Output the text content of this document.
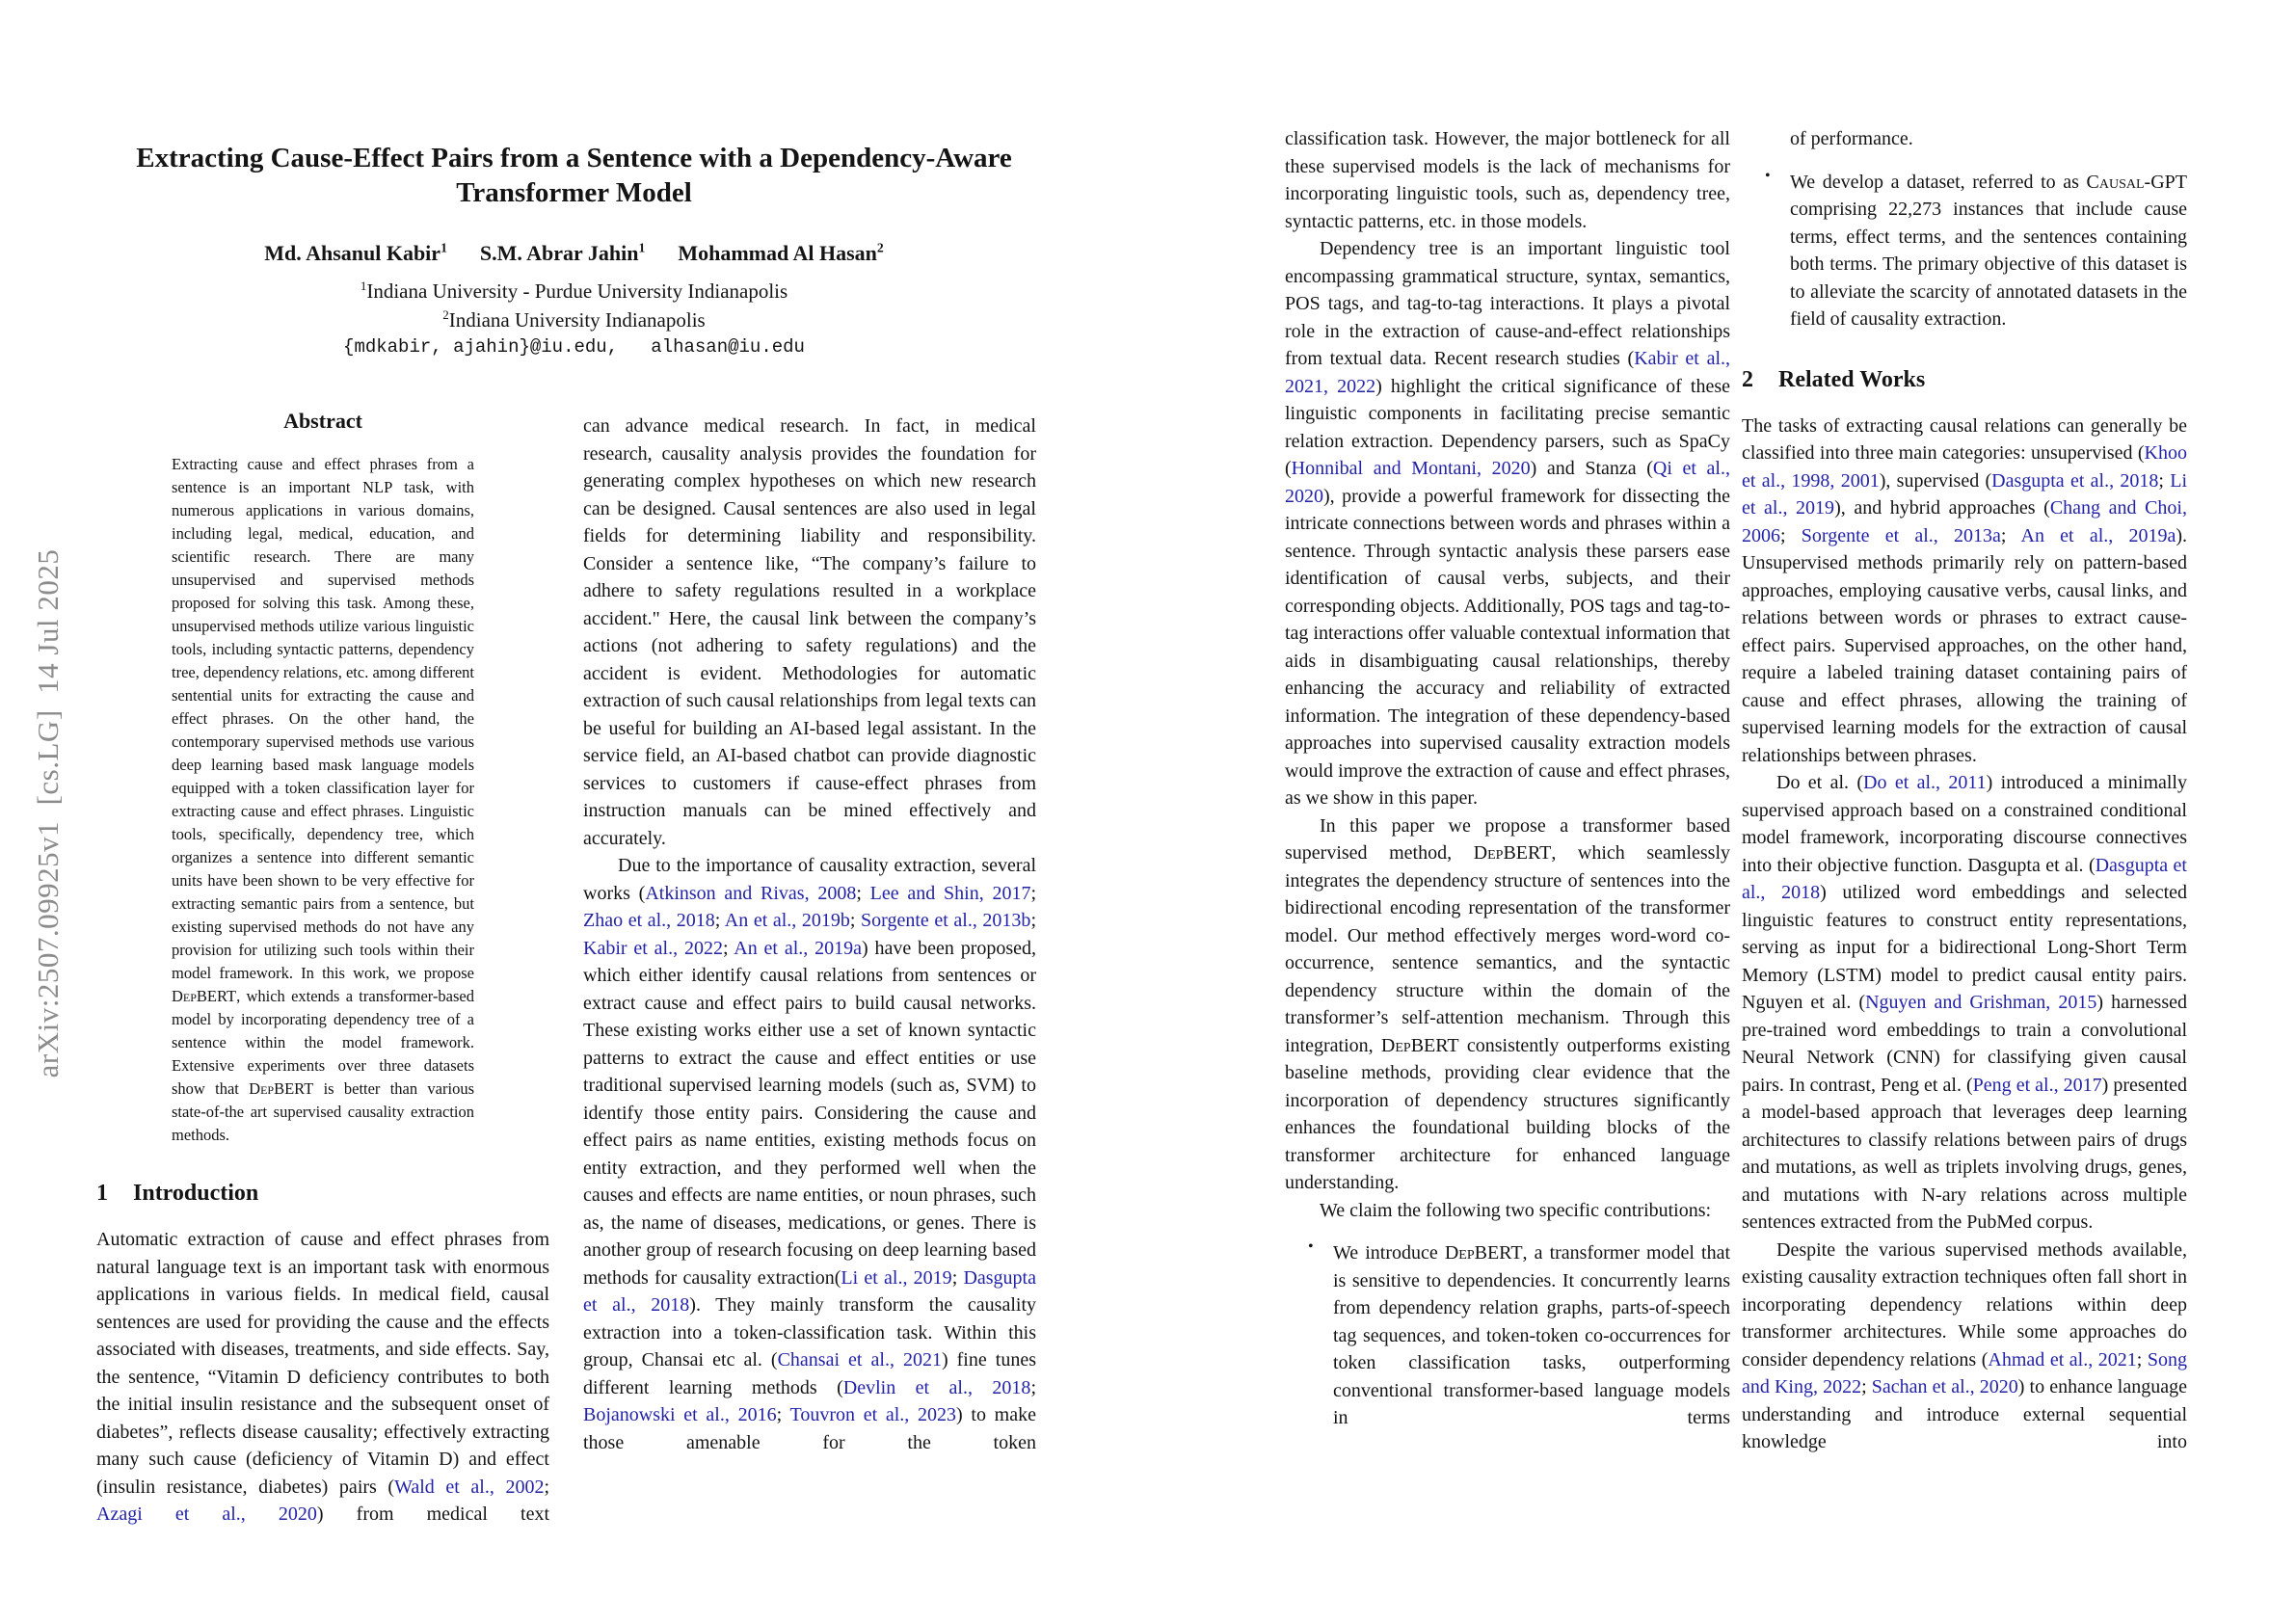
arXiv:2507.09925v1  [cs.LG]  14 Jul 2025
Extracting Cause-Effect Pairs from a Sentence with a Dependency-Aware
Transformer Model
Md. Ahsanul Kabir$^1$ S.M. Abrar Jahin$^1$ Mohammad Al Hasan$^2$
$^1$Indiana University - Purdue University Indianapolis
$^2$Indiana University Indianapolis
{mdkabir, ajahin}@iu.edu,   alhasan@iu.edu
Abstract

Extracting cause and effect phrases from a sentence is an important NLP task, with numerous applications in various domains, including legal, medical, education, and scientific research. There are many unsupervised and supervised methods proposed for solving this task. Among these, unsupervised methods utilize various linguistic tools, including syntactic patterns, dependency tree, dependency relations, etc. among different sentential units for extracting the cause and effect phrases. On the other hand, the contemporary supervised methods use various deep learning based mask language models equipped with a token classification layer for extracting cause and effect phrases. Linguistic tools, specifically, dependency tree, which organizes a sentence into different semantic units have been shown to be very effective for extracting semantic pairs from a sentence, but existing supervised methods do not have any provision for utilizing such tools within their model framework. In this work, we propose DepBERT, which extends a transformer-based model by incorporating dependency tree of a sentence within the model framework. Extensive experiments over three datasets show that DepBERT is better than various state-of-the art supervised causality extraction methods.

1 Introduction

Automatic extraction of cause and effect phrases from natural language text is an important task with enormous applications in various fields. In medical field, causal sentences are used for providing the cause and the effects associated with diseases, treatments, and side effects. Say, the sentence, “Vitamin D deficiency contributes to both the initial insulin resistance and the subsequent onset of diabetes”, reflects disease causality; effectively extracting many such cause (deficiency of Vitamin D) and effect (insulin resistance, diabetes) pairs (Wald et al., 2002; Azagi et al., 2020) from medical text

can advance medical research. In fact, in medical research, causality analysis provides the foundation for generating complex hypotheses on which new research can be designed. Causal sentences are also used in legal fields for determining liability and responsibility. Consider a sentence like, “The company’s failure to adhere to safety regulations resulted in a workplace accident." Here, the causal link between the company’s actions (not adhering to safety regulations) and the accident is evident. Methodologies for automatic extraction of such causal relationships from legal texts can be useful for building an AI-based legal assistant. In the service field, an AI-based chatbot can provide diagnostic services to customers if cause-effect phrases from instruction manuals can be mined effectively and accurately.

Due to the importance of causality extraction, several works (Atkinson and Rivas, 2008; Lee and Shin, 2017; Zhao et al., 2018; An et al., 2019b; Sorgente et al., 2013b; Kabir et al., 2022; An et al., 2019a) have been proposed, which either identify causal relations from sentences or extract cause and effect pairs to build causal networks. These existing works either use a set of known syntactic patterns to extract the cause and effect entities or use traditional supervised learning models (such as, SVM) to identify those entity pairs. Considering the cause and effect pairs as name entities, existing methods focus on entity extraction, and they performed well when the causes and effects are name entities, or noun phrases, such as, the name of diseases, medications, or genes. There is another group of research focusing on deep learning based methods for causality extraction(Li et al., 2019; Dasgupta et al., 2018). They mainly transform the causality extraction into a token-classification task. Within this group, Chansai etc al. (Chansai et al., 2021) fine tunes different learning methods (Devlin et al., 2018; Bojanowski et al., 2016; Touvron et al., 2023) to make those amenable for the token

classification task. However, the major bottleneck for all these supervised models is the lack of mechanisms for incorporating linguistic tools, such as, dependency tree, syntactic patterns, etc. in those models.

Dependency tree is an important linguistic tool encompassing grammatical structure, syntax, semantics, POS tags, and tag-to-tag interactions. It plays a pivotal role in the extraction of cause-and-effect relationships from textual data. Recent research studies (Kabir et al., 2021, 2022) highlight the critical significance of these linguistic components in facilitating precise semantic relation extraction. Dependency parsers, such as SpaCy (Honnibal and Montani, 2020) and Stanza (Qi et al., 2020), provide a powerful framework for dissecting the intricate connections between words and phrases within a sentence. Through syntactic analysis these parsers ease identification of causal verbs, subjects, and their corresponding objects. Additionally, POS tags and tag-to-tag interactions offer valuable contextual information that aids in disambiguating causal relationships, thereby enhancing the accuracy and reliability of extracted information. The integration of these dependency-based approaches into supervised causality extraction models would improve the extraction of cause and effect phrases, as we show in this paper.

In this paper we propose a transformer based supervised method, DepBERT, which seamlessly integrates the dependency structure of sentences into the bidirectional encoding representation of the transformer model. Our method effectively merges word-word co-occurrence, sentence semantics, and the syntactic dependency structure within the domain of the transformer’s self-attention mechanism. Through this integration, DepBERT consistently outperforms existing baseline methods, providing clear evidence that the incorporation of dependency structures significantly enhances the foundational building blocks of the transformer architecture for enhanced language understanding.

We claim the following two specific contributions:

• We introduce DepBERT, a transformer model that is sensitive to dependencies. It concurrently learns from dependency relation graphs, parts-of-speech tag sequences, and token-token co-occurrences for token classification tasks, outperforming conventional transformer-based language models in terms

of performance.

• We develop a dataset, referred to as Causal-GPT comprising 22,273 instances that include cause terms, effect terms, and the sentences containing both terms. The primary objective of this dataset is to alleviate the scarcity of annotated datasets in the field of causality extraction.

2 Related Works

The tasks of extracting causal relations can generally be classified into three main categories: unsupervised (Khoo et al., 1998, 2001), supervised (Dasgupta et al., 2018; Li et al., 2019), and hybrid approaches (Chang and Choi, 2006; Sorgente et al., 2013a; An et al., 2019a). Unsupervised methods primarily rely on pattern-based approaches, employing causative verbs, causal links, and relations between words or phrases to extract cause-effect pairs. Supervised approaches, on the other hand, require a labeled training dataset containing pairs of cause and effect phrases, allowing the training of supervised learning models for the extraction of causal relationships between phrases.

Do et al. (Do et al., 2011) introduced a minimally supervised approach based on a constrained conditional model framework, incorporating discourse connectives into their objective function. Dasgupta et al. (Dasgupta et al., 2018) utilized word embeddings and selected linguistic features to construct entity representations, serving as input for a bidirectional Long-Short Term Memory (LSTM) model to predict causal entity pairs. Nguyen et al. (Nguyen and Grishman, 2015) harnessed pre-trained word embeddings to train a convolutional Neural Network (CNN) for classifying given causal pairs. In contrast, Peng et al. (Peng et al., 2017) presented a model-based approach that leverages deep learning architectures to classify relations between pairs of drugs and mutations, as well as triplets involving drugs, genes, and mutations with N-ary relations across multiple sentences extracted from the PubMed corpus.

Despite the various supervised methods available, existing causality extraction techniques often fall short in incorporating dependency relations within deep transformer architectures. While some approaches do consider dependency relations (Ahmad et al., 2021; Song and King, 2022; Sachan et al., 2020) to enhance language understanding and introduce external sequential knowledge into
